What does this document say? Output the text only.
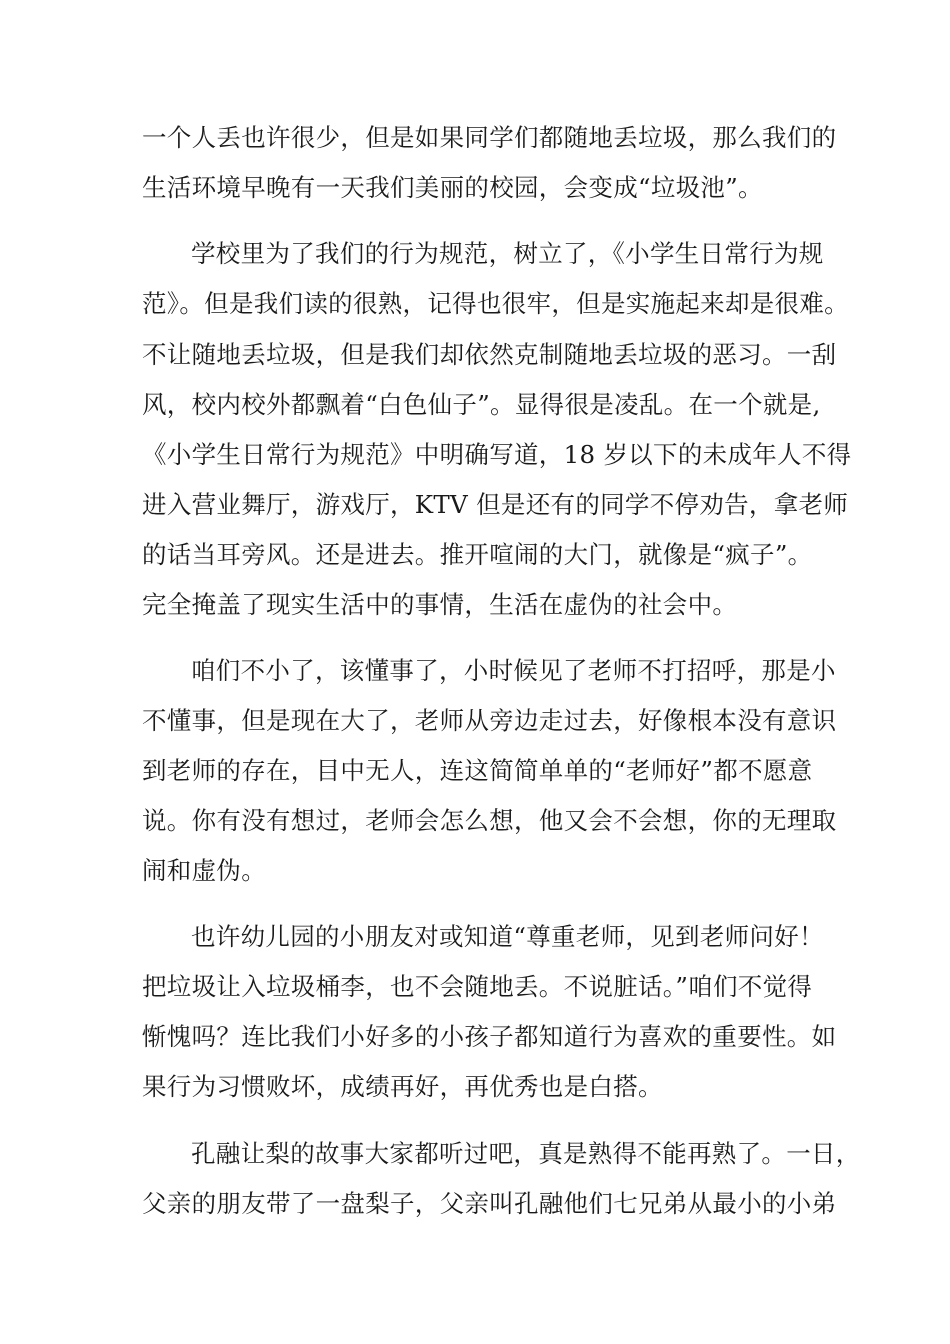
一个人丢也许很少，但是如果同学们都随地丢垃圾，那么我们的
生活环境早晚有一天我们美丽的校园，会变成“垃圾池”。
学校里为了我们的行为规范，树立了，《小学生日常行为规
范》。但是我们读的很熟，记得也很牢，但是实施起来却是很难。
不让随地丢垃圾，但是我们却依然克制随地丢垃圾的恶习。一刮
风，校内校外都飘着“白色仙子”。显得很是凌乱。在一个就是,
《小学生日常行为规范》中明确写道，18 岁以下的未成年人不得
进入营业舞厅，游戏厅，KTV 但是还有的同学不停劝告，拿老师
的话当耳旁风。还是进去。推开喧闹的大门，就像是“疯子”。
完全掩盖了现实生活中的事情，生活在虚伪的社会中。
咱们不小了，该懂事了，小时候见了老师不打招呼，那是小
不懂事，但是现在大了，老师从旁边走过去，好像根本没有意识
到老师的存在，目中无人，连这简简单单的“老师好”都不愿意
说。你有没有想过，老师会怎么想，他又会不会想，你的无理取
闹和虚伪。
也许幼儿园的小朋友对或知道“尊重老师，见到老师问好！
把垃圾让入垃圾桶李，也不会随地丢。不说脏话。”咱们不觉得
惭愧吗？连比我们小好多的小孩子都知道行为喜欢的重要性。如
果行为习惯败坏，成绩再好，再优秀也是白搭。
孔融让梨的故事大家都听过吧，真是熟得不能再熟了。一日，
父亲的朋友带了一盘梨子，父亲叫孔融他们七兄弟从最小的小弟
